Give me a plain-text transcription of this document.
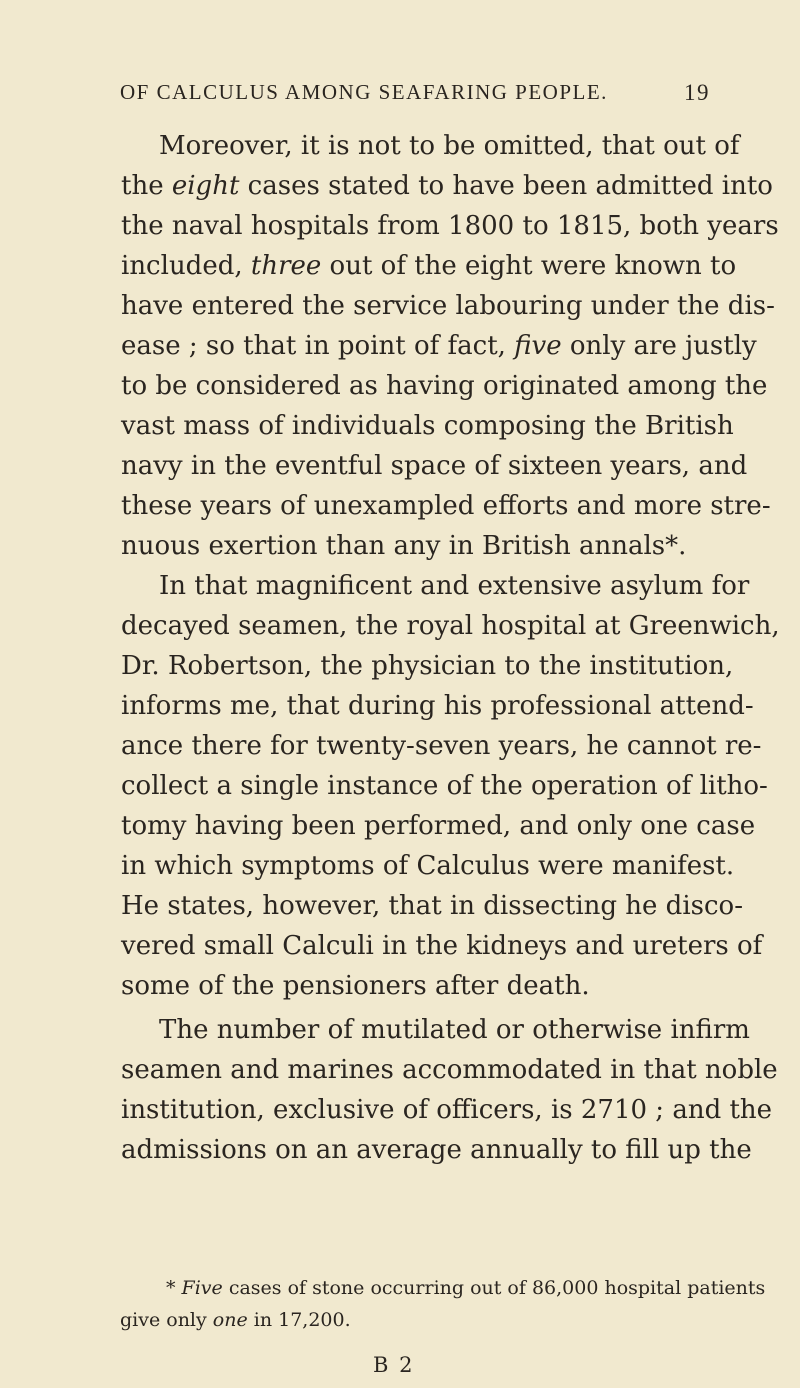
OF CALCULUS AMONG SEAFARING PEOPLE.	19
Moreover, it is not to be omitted, that out of
the eight cases stated to have been admitted into
the naval hospitals from 1800 to 1815, both years
included, three out of the eight were known to
have entered the service labouring under the dis-
ease ; so that in point of fact, five only are justly
to be considered as having originated among the
vast mass of individuals composing the British
navy in the eventful space of sixteen years, and
these years of unexampled efforts and more stre-
nuous exertion than any in British annals*.
In that magnificent and extensive asylum for
decayed seamen, the royal hospital at Greenwich,
Dr. Robertson, the physician to the institution,
informs me, that during his professional attend-
ance there for twenty-seven years, he cannot re-
collect a single instance of the operation of litho-
tomy having been performed, and only one case
in which symptoms of Calculus were manifest.
He states, however, that in dissecting he disco-
vered small Calculi in the kidneys and ureters of
some of the pensioners after death.
The number of mutilated or otherwise infirm
seamen and marines accommodated in that noble
institution, exclusive of officers, is 2710 ; and the
admissions on an average annually to fill up the
* Five cases of stone occurring out of 86,000 hospital patients
give only one in 17,200.
B 2
